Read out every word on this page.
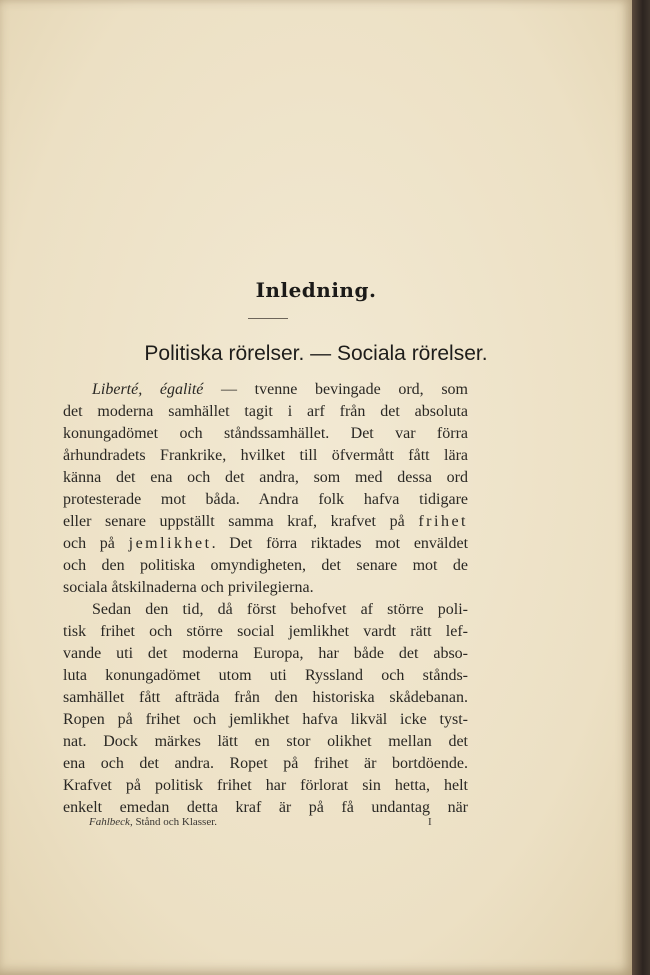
Inledning.
Politiska rörelser. — Sociala rörelser.
Liberté, égalité — tvenne bevingade ord, som
det moderna samhället tagit i arf från det absoluta
konungadömet och ståndssamhället. Det var förra
århundradets Frankrike, hvilket till öfvermått fått lära
känna det ena och det andra, som med dessa ord
protesterade mot båda. Andra folk hafva tidigare
eller senare uppställt samma kraf, krafvet på frihet
och på jemlikhet. Det förra riktades mot enväldet
och den politiska omyndigheten, det senare mot de
sociala åtskilnaderna och privilegierna.
Sedan den tid, då först behofvet af större poli-
tisk frihet och större social jemlikhet vardt rätt lef-
vande uti det moderna Europa, har både det abso-
luta konungadömet utom uti Ryssland och stånds-
samhället fått afträda från den historiska skådebanan.
Ropen på frihet och jemlikhet hafva likväl icke tyst-
nat. Dock märkes lätt en stor olikhet mellan det
ena och det andra. Ropet på frihet är bortdöende.
Krafvet på politisk frihet har förlorat sin hetta, helt
enkelt emedan detta kraf är på få undantag när
Fahlbeck, Stånd och Klasser.	I
